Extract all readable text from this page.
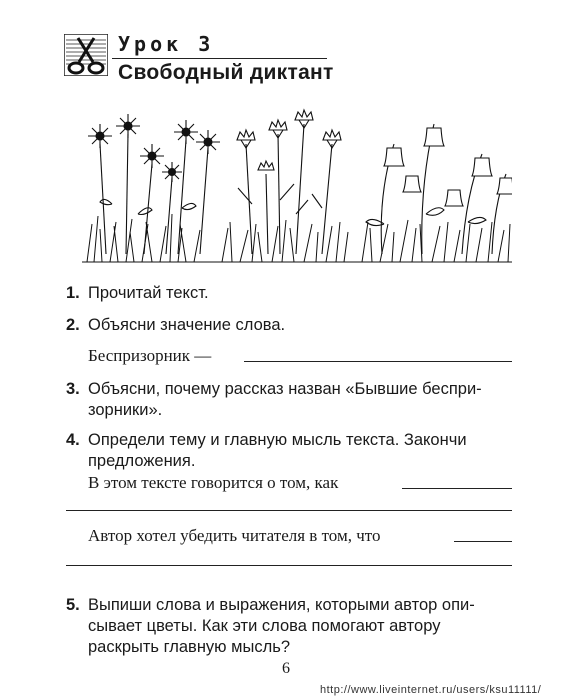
Урок 3
Свободный диктант
1. Прочитай текст.
2. Объясни значение слова.
Беспризорник —
3. Объясни, почему рассказ назван «Бывшие беспри-
зорники».
4. Определи тему и главную мысль текста. Закончи
предложения.
В этом тексте говорится о том, как
Автор хотел убедить читателя в том, что
5. Выпиши слова и выражения, которыми автор опи-
сывает цветы. Как эти слова помогают автору
раскрыть главную мысль?
6
http://www.liveinternet.ru/users/ksu11111/
